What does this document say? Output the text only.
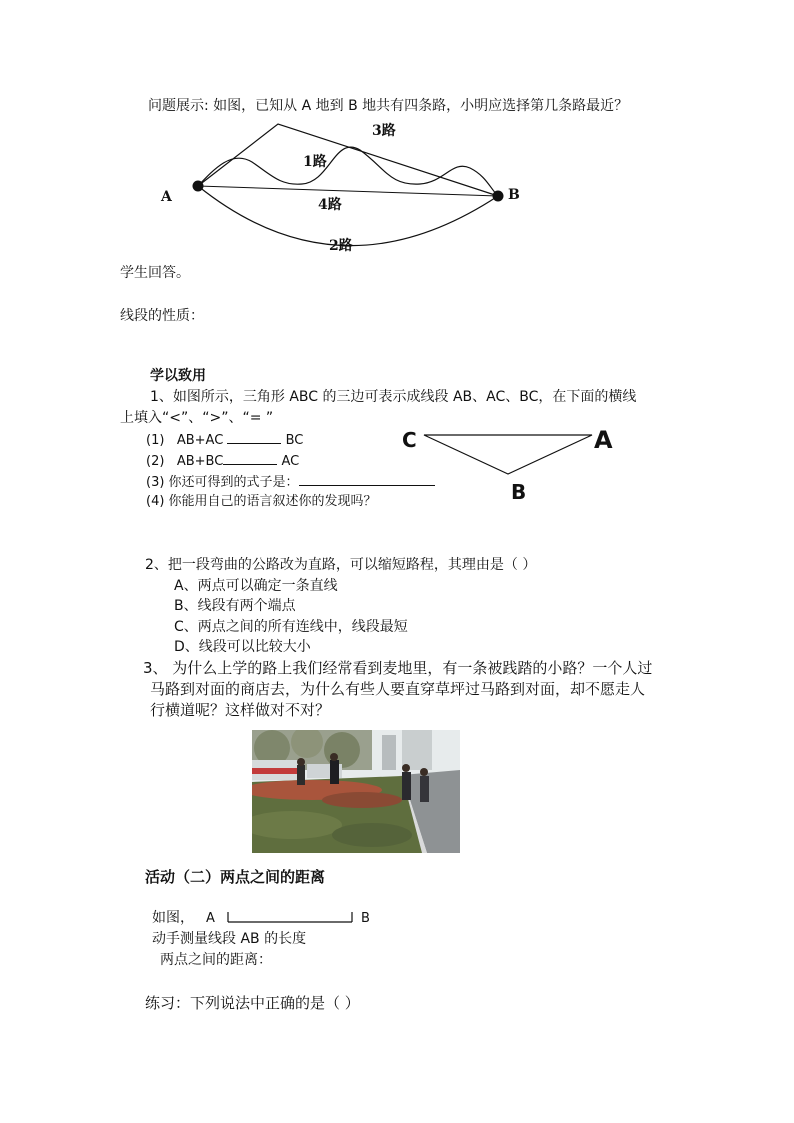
问题展示: 如图，已知从 A 地到 B 地共有四条路，小明应选择第几条路最近？
3路
1路
4路
2路
A	B
学生回答。
线段的性质：
学以致用
1、如图所示，三角形 ABC 的三边可表示成线段 AB、AC、BC，在下面的横线
上填入“<”、“>”、“= ”
(1) AB+AC	BC
(2) AB+BC	AC
(3) 你还可得到的式子是：
(4) 你能用自己的语言叙述你的发现吗？
C	A
B
2、把一段弯曲的公路改为直路，可以缩短路程，其理由是（ ）
A、两点可以确定一条直线
B、线段有两个端点
C、两点之间的所有连线中，线段最短
D、线段可以比较大小
3、 为什么上学的路上我们经常看到麦地里，有一条被践踏的小路？一个人过
马路到对面的商店去，为什么有些人要直穿草坪过马路到对面，却不愿走人
行横道呢？这样做对不对？
活动（二）两点之间的距离
如图， A	B
动手测量线段 AB 的长度
两点之间的距离：
练习：下列说法中正确的是（ ）
